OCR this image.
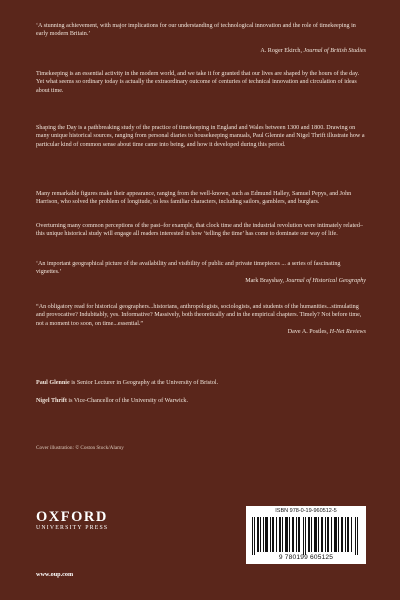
‘A stunning achievement, with major implications for our understanding of technological innovation and the role of timekeeping in early modern Britain.’

A. Roger Ekirch, Journal of British Studies

Timekeeping is an essential activity in the modern world, and we take it for granted that our lives are shaped by the hours of the day. Yet what seems so ordinary today is actually the extraordinary outcome of centuries of technical innovation and circulation of ideas about time.

Shaping the Day is a pathbreaking study of the practice of timekeeping in England and Wales between 1300 and 1800. Drawing on many unique historical sources, ranging from personal diaries to housekeeping manuals, Paul Glennie and Nigel Thrift illustrate how a particular kind of common sense about time came into being, and how it developed during this period.

Many remarkable figures make their appearance, ranging from the well-known, such as Edmund Halley, Samuel Pepys, and John Harrison, who solved the problem of longitude, to less familiar characters, including sailors, gamblers, and burglars.

Overturning many common perceptions of the past–for example, that clock time and the industrial revolution were intimately related–this unique historical study will engage all readers interested in how ‘telling the time’ has come to dominate our way of life.

‘An important geographical picture of the availability and visibility of public and private timepieces ... a series of fascinating vignettes.’

Mark Brayshay, Journal of Historical Geography

“An obligatory read for historical geographers...historians, anthropologists, sociologists, and students of the humanities...stimulating and provocative? Indubitably, yes. Informative? Massively, both theoretically and in the empirical chapters. Timely? Not before time, not a moment too soon, on time...essential.”

Dave A. Postles, H-Net Reviews
Paul Glennie is Senior Lecturer in Geography at the University of Bristol.
Nigel Thrift is Vice-Chancellor of the University of Warwick.
Cover illustration: © Coston Stock/Alamy
OXFORD
UNIVERSITY PRESS
www.oup.com
ISBN 978-0-19-960512-5
9 780199 605125
